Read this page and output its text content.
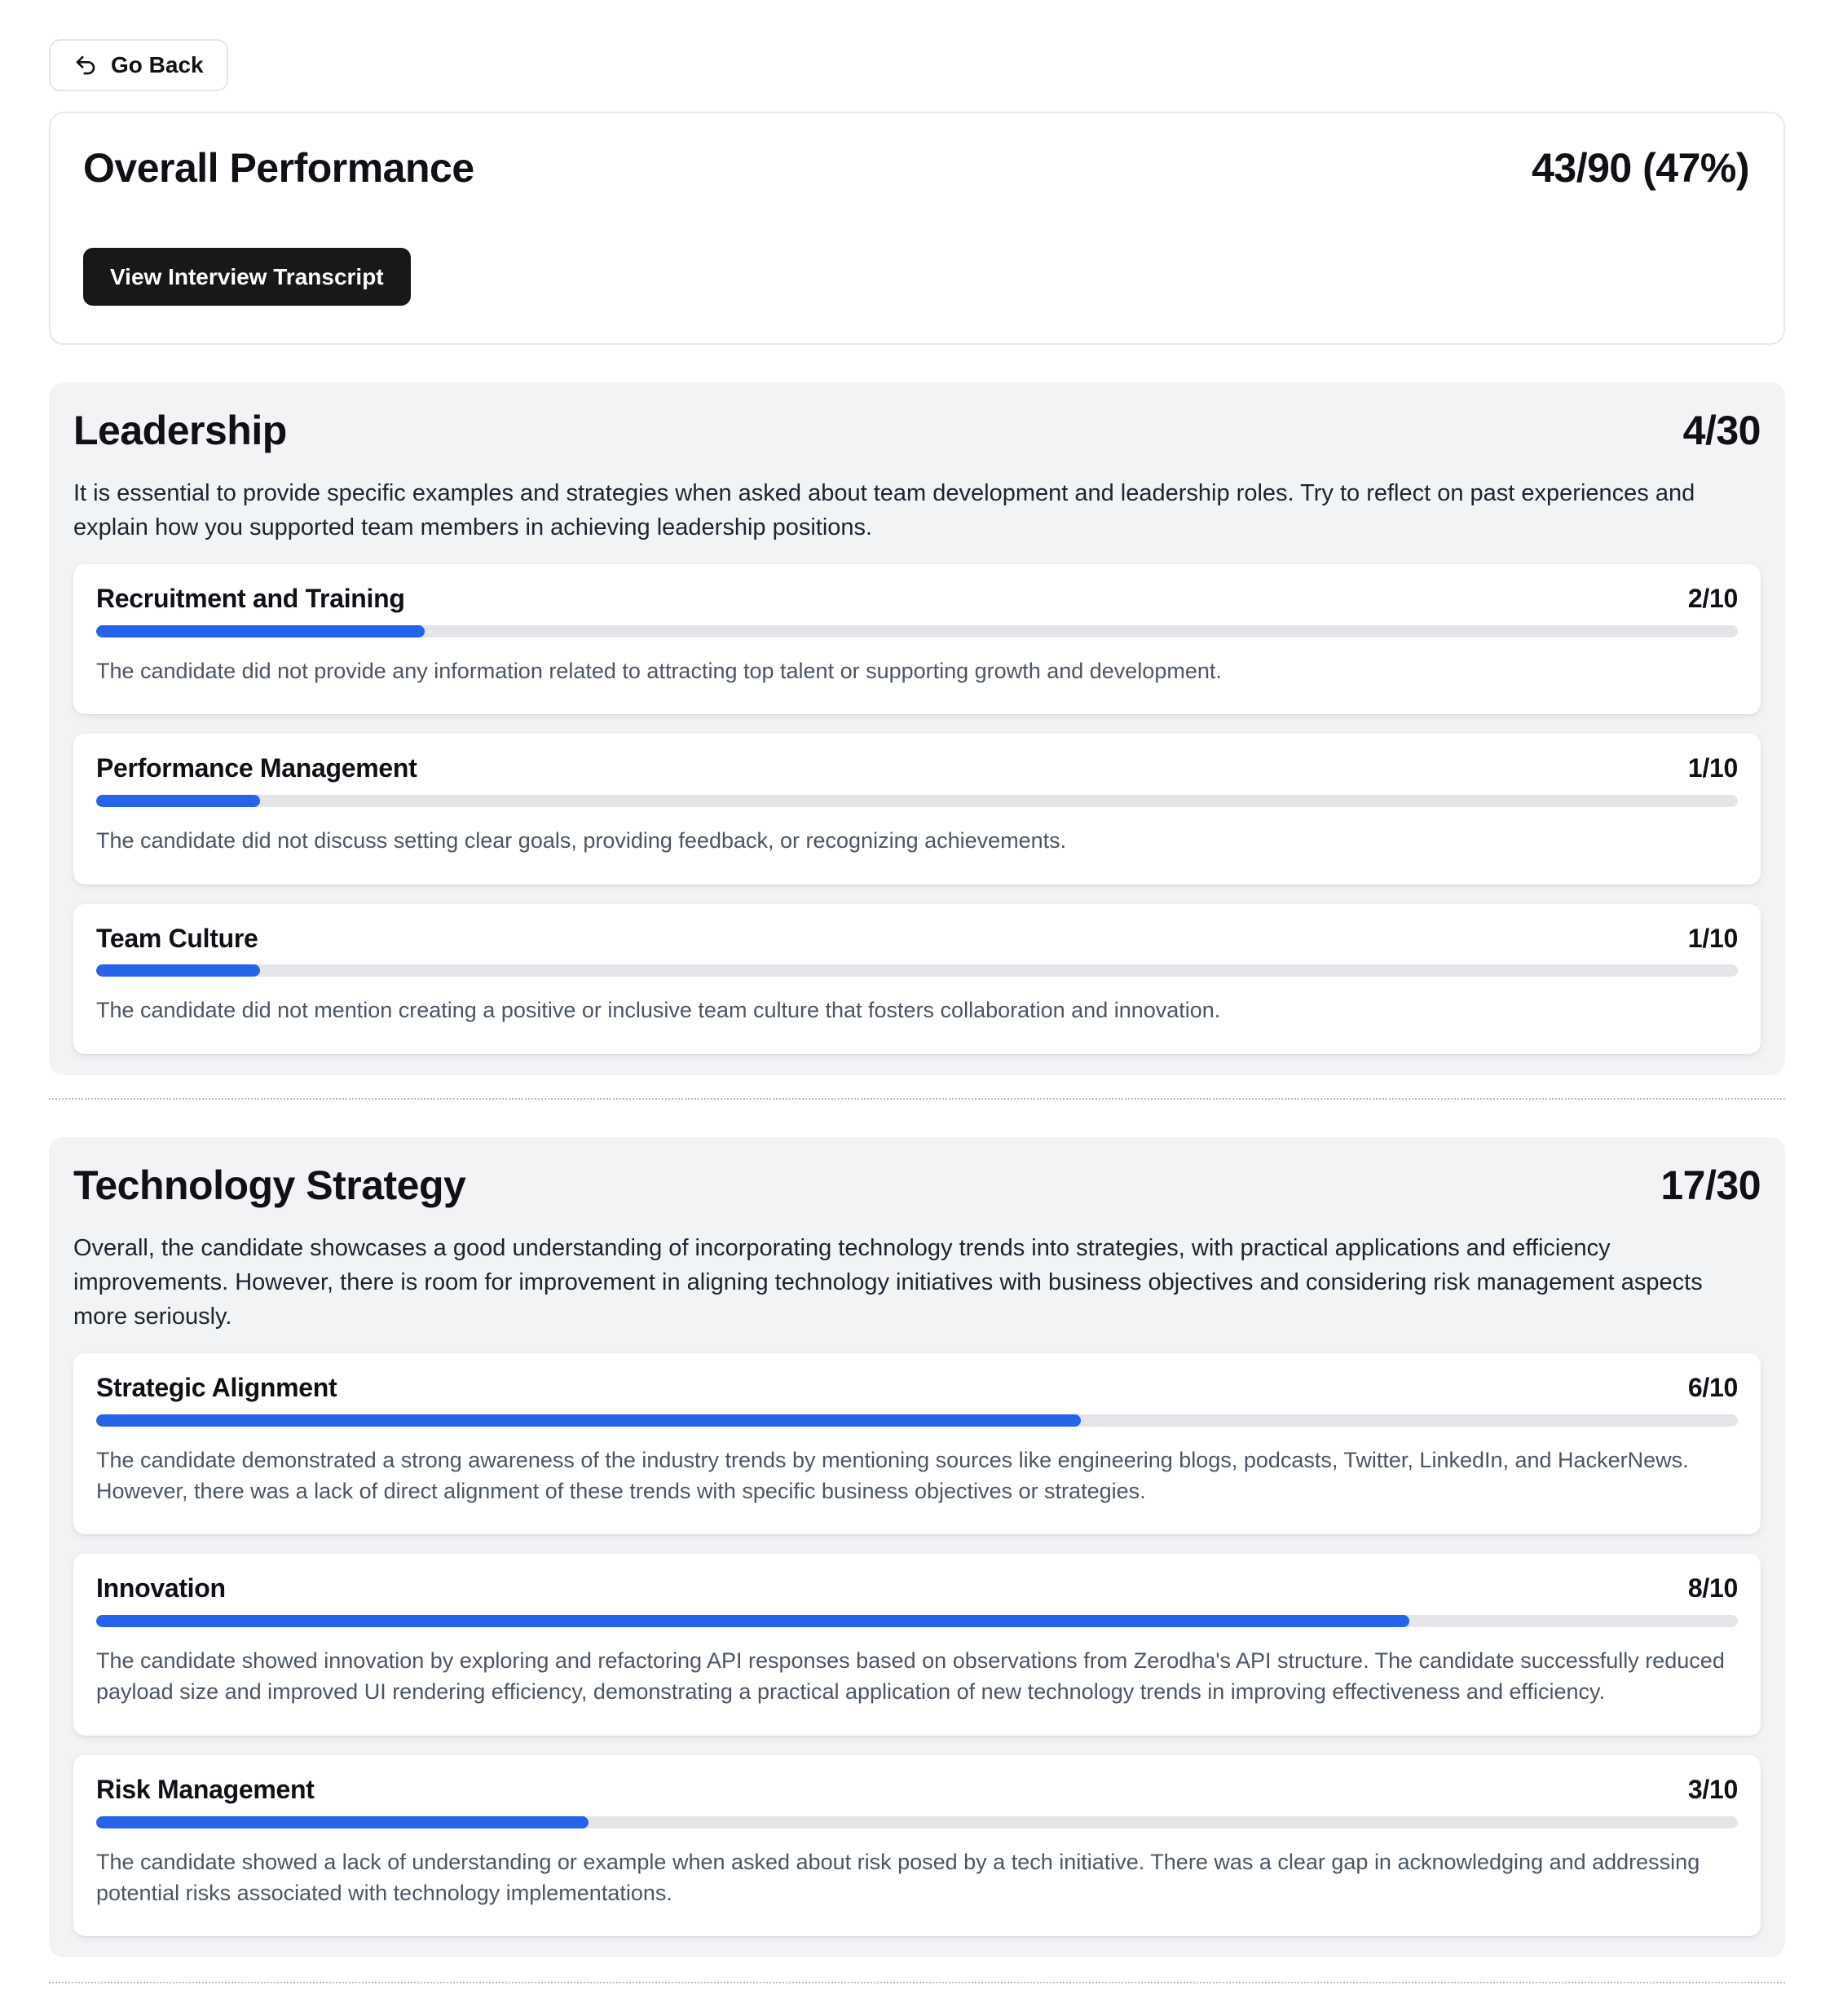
Go Back
Overall Performance	43/90 (47%)
View Interview Transcript
Leadership	4/30

It is essential to provide specific examples and strategies when asked about team development and leadership roles. Try to reflect on past experiences and explain how you supported team members in achieving leadership positions.

Recruitment and Training	2/10

The candidate did not provide any information related to attracting top talent or supporting growth and development.

Performance Management	1/10

The candidate did not discuss setting clear goals, providing feedback, or recognizing achievements.

Team Culture	1/10

The candidate did not mention creating a positive or inclusive team culture that fosters collaboration and innovation.

Technology Strategy	17/30

Overall, the candidate showcases a good understanding of incorporating technology trends into strategies, with practical applications and efficiency improvements. However, there is room for improvement in aligning technology initiatives with business objectives and considering risk management aspects more seriously.

Strategic Alignment	6/10

The candidate demonstrated a strong awareness of the industry trends by mentioning sources like engineering blogs, podcasts, Twitter, LinkedIn, and HackerNews. However, there was a lack of direct alignment of these trends with specific business objectives or strategies.

Innovation	8/10

The candidate showed innovation by exploring and refactoring API responses based on observations from Zerodha's API structure. The candidate successfully reduced payload size and improved UI rendering efficiency, demonstrating a practical application of new technology trends in improving effectiveness and efficiency.

Risk Management	3/10

The candidate showed a lack of understanding or example when asked about risk posed by a tech initiative. There was a clear gap in acknowledging and addressing potential risks associated with technology implementations.
